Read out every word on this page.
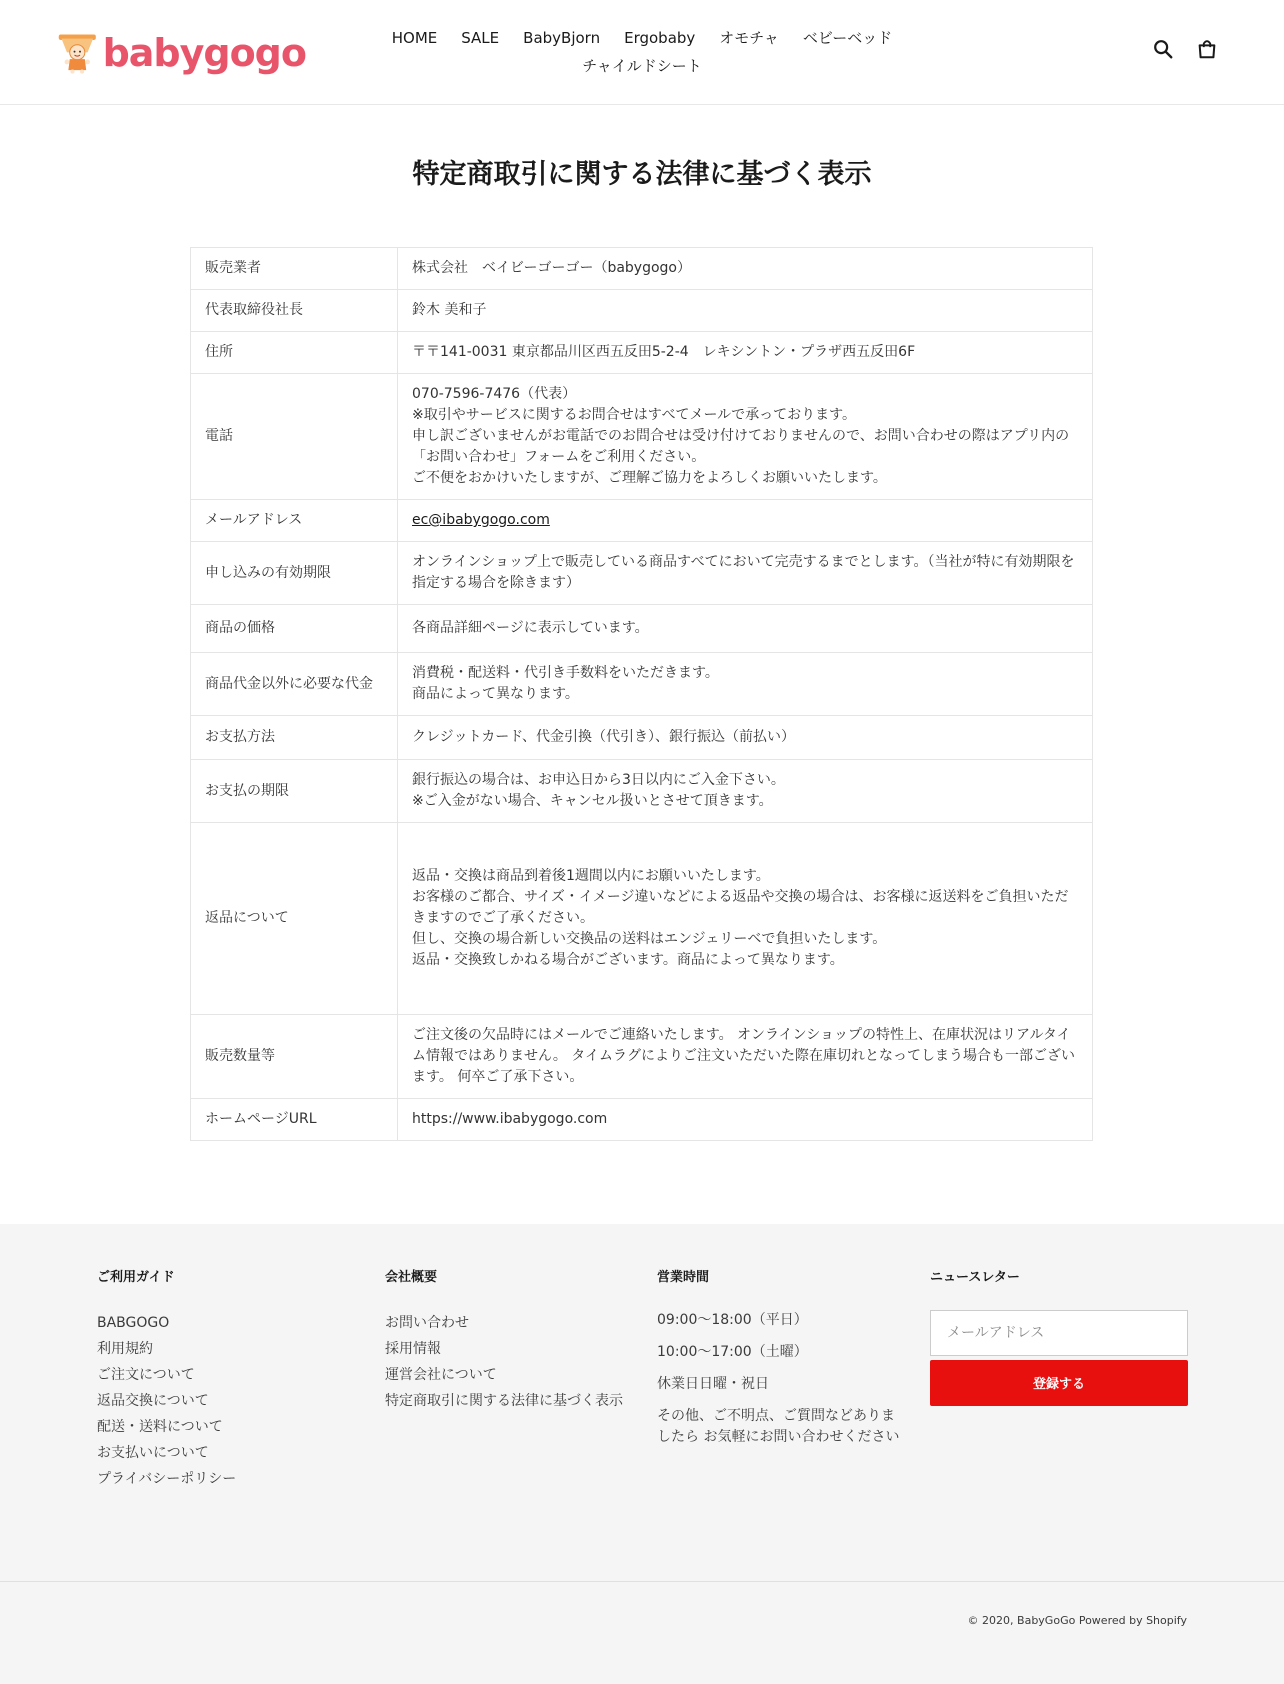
babygogo	HOME SALE BabyBjorn Ergobaby オモチャ ベビーベッド
チャイルドシート
特定商取引に関する法律に基づく表示
販売業者	株式会社　ベイビーゴーゴー（babygogo）

代表取締役社長	鈴木 美和子

住所	〒〒141-0031 東京都品川区西五反田5-2-4　レキシントン・プラザ西五反田6F

電話	070-7596-7476（代表）
※取引やサービスに関するお問合せはすべてメールで承っております。
申し訳ございませんがお電話でのお問合せは受け付けておりませんので、お問い合わせの際はアプリ内の「お問い合わせ」フォームをご利用ください。
ご不便をおかけいたしますが、ご理解ご協力をよろしくお願いいたします。

メールアドレス	ec@ibabygogo.com
申し込みの有効期限	オンラインショップ上で販売している商品すべてにおいて完売するまでとします。（当社が特に有効期限を指定する場合を除きます）

商品の価格	各商品詳細ページに表示しています。

商品代金以外に必要な代金	消費税・配送料・代引き手数料をいただきます。
商品によって異なります。

お支払方法	クレジットカード、代金引換（代引き）、銀行振込（前払い）

お支払の期限	銀行振込の場合は、お申込日から3日以内にご入金下さい。
※ご入金がない場合、キャンセル扱いとさせて頂きます。

返品について	返品・交換は商品到着後1週間以内にお願いいたします。
お客様のご都合、サイズ・イメージ違いなどによる返品や交換の場合は、お客様に返送料をご負担いただきますのでご了承ください。
但し、交換の場合新しい交換品の送料はエンジェリーベで負担いたします。
返品・交換致しかねる場合がございます。商品によって異なります。

販売数量等	ご注文後の欠品時にはメールでご連絡いたします。 オンラインショップの特性上、在庫状況はリアルタイム情報ではありません。 タイムラグによりご注文いただいた際在庫切れとなってしまう場合も一部ございます。 何卒ご了承下さい。

ホームページURL	https://www.ibabygogo.com
ご利用ガイド
BABGOGO
利用規約
ご注文について
返品交換について
配送・送料について
お支払いについて
プライバシーポリシー
会社概要
お問い合わせ
採用情報
運営会社について
特定商取引に関する法律に基づく表示
営業時間
09:00〜18:00（平日）
10:00〜17:00（土曜）
休業日日曜・祝日
その他、ご不明点、ご質問などありましたら お気軽にお問い合わせください
ニュースレター
メールアドレス
登録する
© 2020, BabyGoGo Powered by Shopify
